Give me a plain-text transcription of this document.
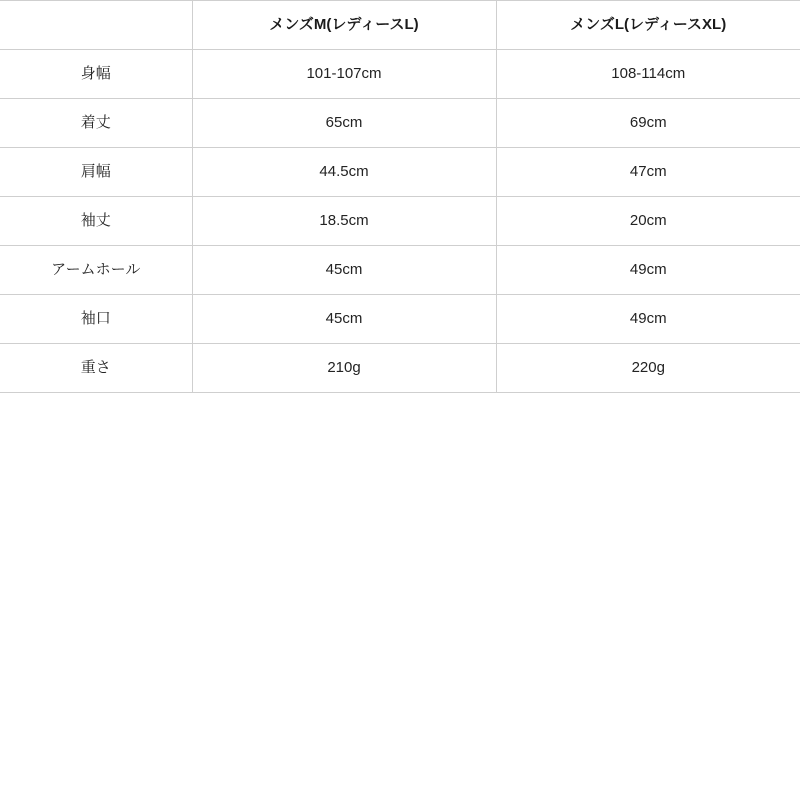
	メンズM(レディースL)	メンズL(レディースXL)
身幅	101-107cm	108-114cm
着丈	65cm	69cm
肩幅	44.5cm	47cm
袖丈	18.5cm	20cm
アームホール	45cm	49cm
袖口	45cm	49cm
重さ	210g	220g
